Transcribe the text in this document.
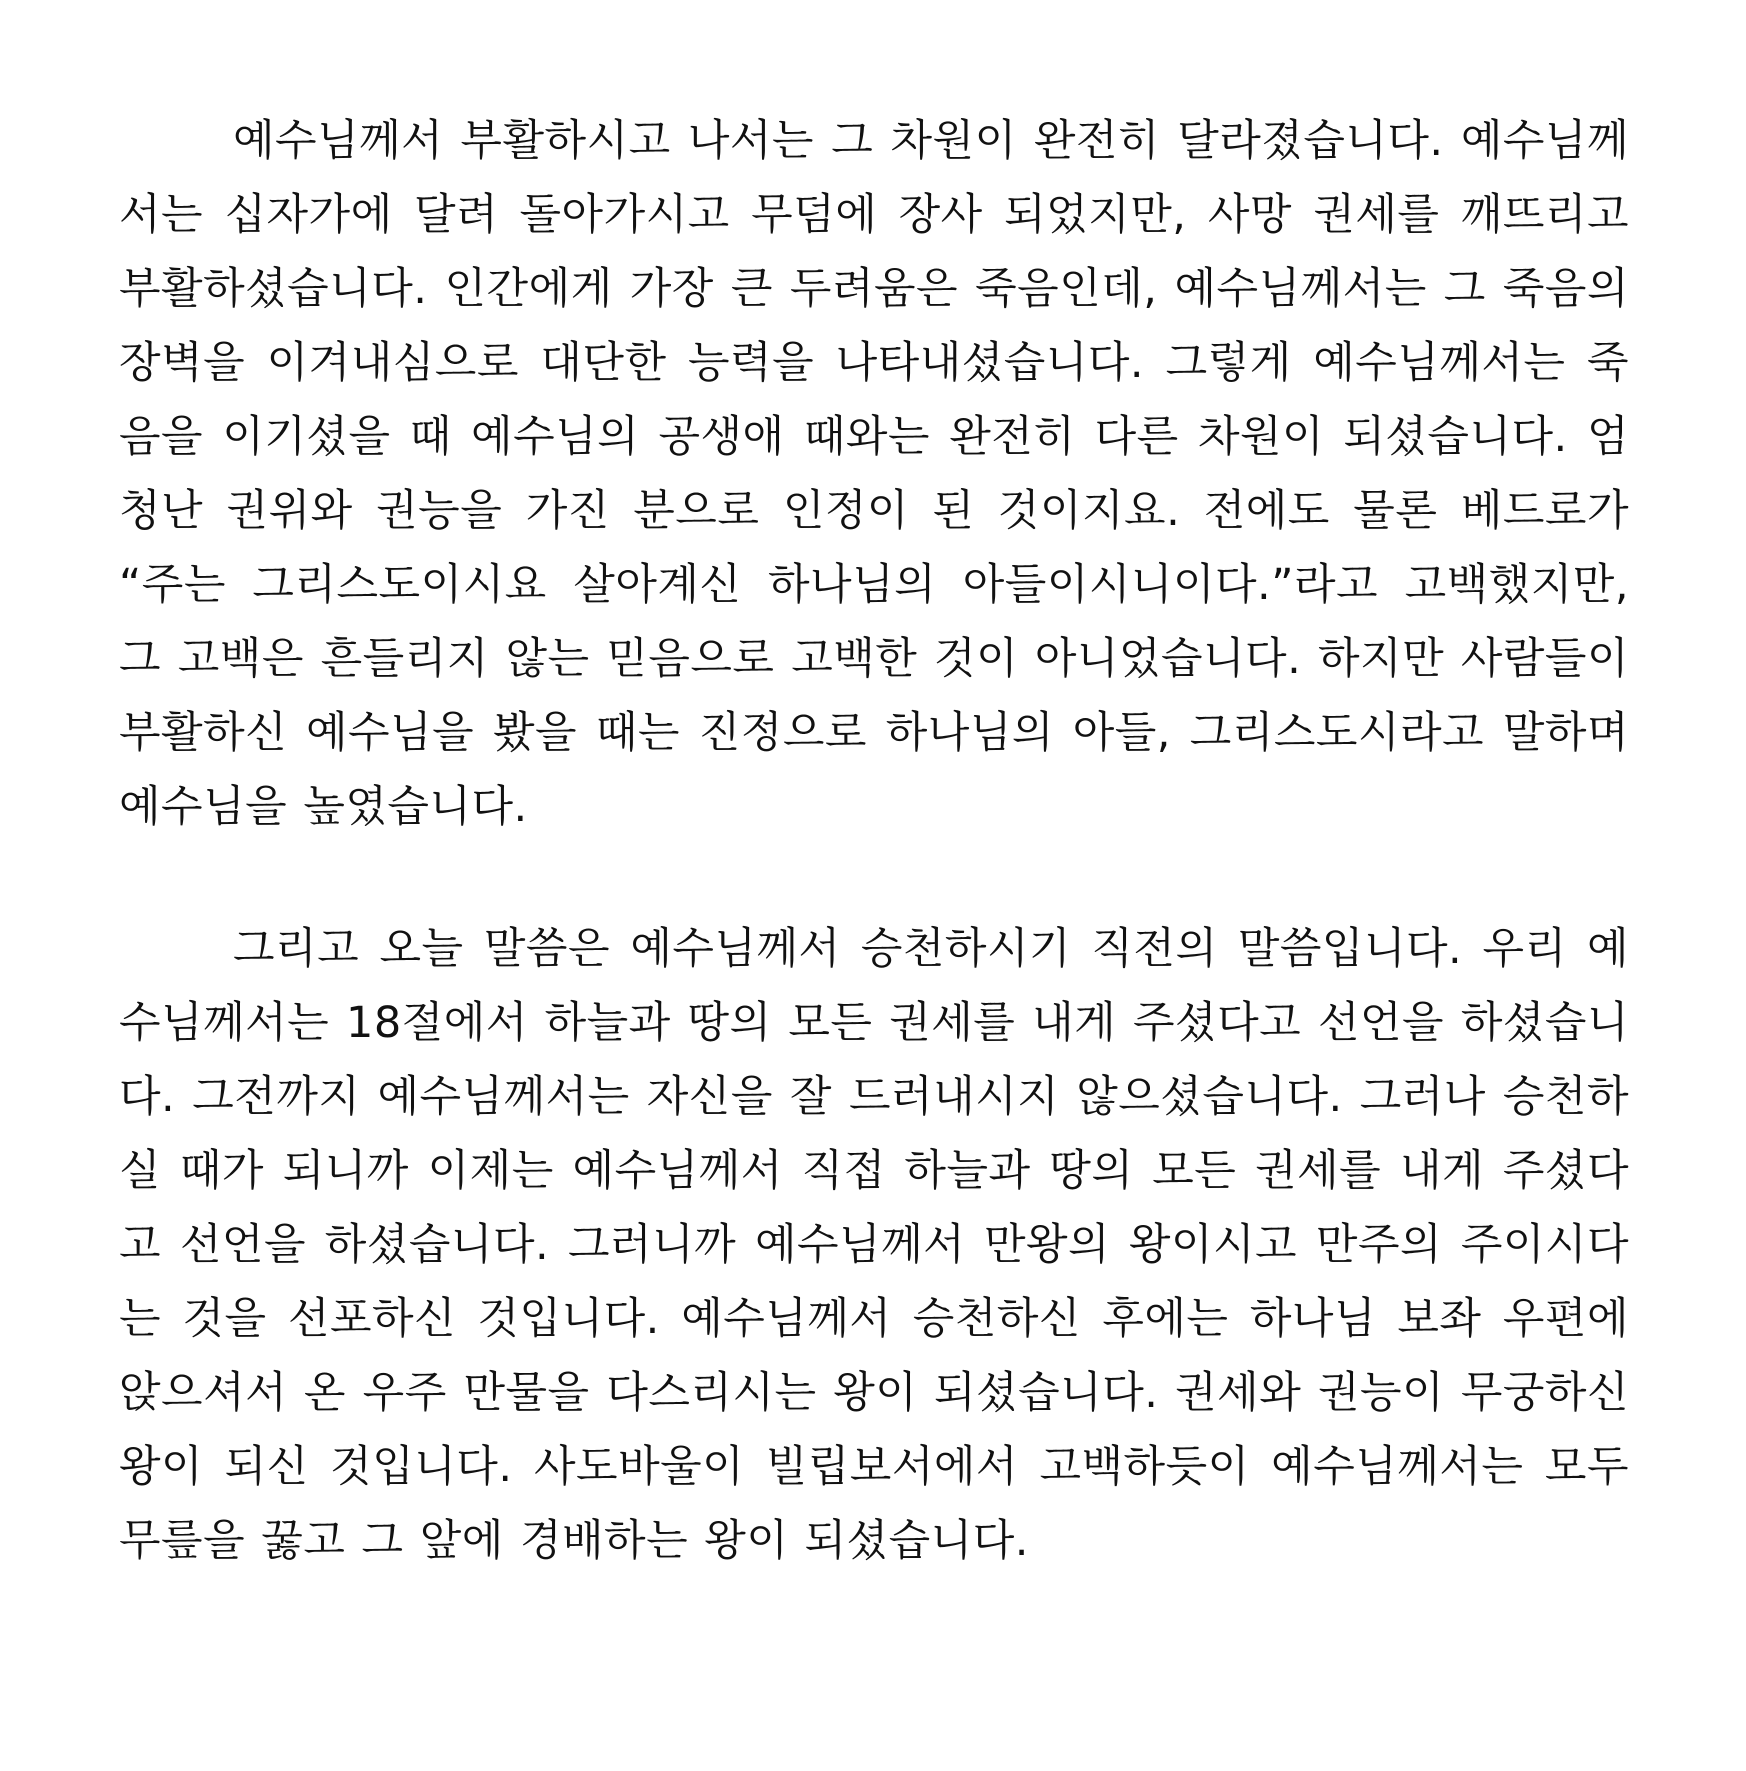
예수님께서 부활하시고 나서는 그 차원이 완전히 달라졌습니다. 예수님께서는 십자가에 달려 돌아가시고 무덤에 장사 되었지만, 사망 권세를 깨뜨리고 부활하셨습니다. 인간에게 가장 큰 두려움은 죽음인데, 예수님께서는 그 죽음의 장벽을 이겨내심으로 대단한 능력을 나타내셨습니다. 그렇게 예수님께서는 죽음을 이기셨을 때 예수님의 공생애 때와는 완전히 다른 차원이 되셨습니다. 엄청난 권위와 권능을 가진 분으로 인정이 된 것이지요. 전에도 물론 베드로가 “주는 그리스도이시요 살아계신 하나님의 아들이시니이다.”라고 고백했지만, 그 고백은 흔들리지 않는 믿음으로 고백한 것이 아니었습니다. 하지만 사람들이 부활하신 예수님을 봤을 때는 진정으로 하나님의 아들, 그리스도시라고 말하며 예수님을 높였습니다.

그리고 오늘 말씀은 예수님께서 승천하시기 직전의 말씀입니다. 우리 예수님께서는 18절에서 하늘과 땅의 모든 권세를 내게 주셨다고 선언을 하셨습니다. 그전까지 예수님께서는 자신을 잘 드러내시지 않으셨습니다. 그러나 승천하실 때가 되니까 이제는 예수님께서 직접 하늘과 땅의 모든 권세를 내게 주셨다고 선언을 하셨습니다. 그러니까 예수님께서 만왕의 왕이시고 만주의 주이시다는 것을 선포하신 것입니다. 예수님께서 승천하신 후에는 하나님 보좌 우편에 앉으셔서 온 우주 만물을 다스리시는 왕이 되셨습니다. 권세와 권능이 무궁하신 왕이 되신 것입니다. 사도바울이 빌립보서에서 고백하듯이 예수님께서는 모두 무릎을 꿇고 그 앞에 경배하는 왕이 되셨습니다.
